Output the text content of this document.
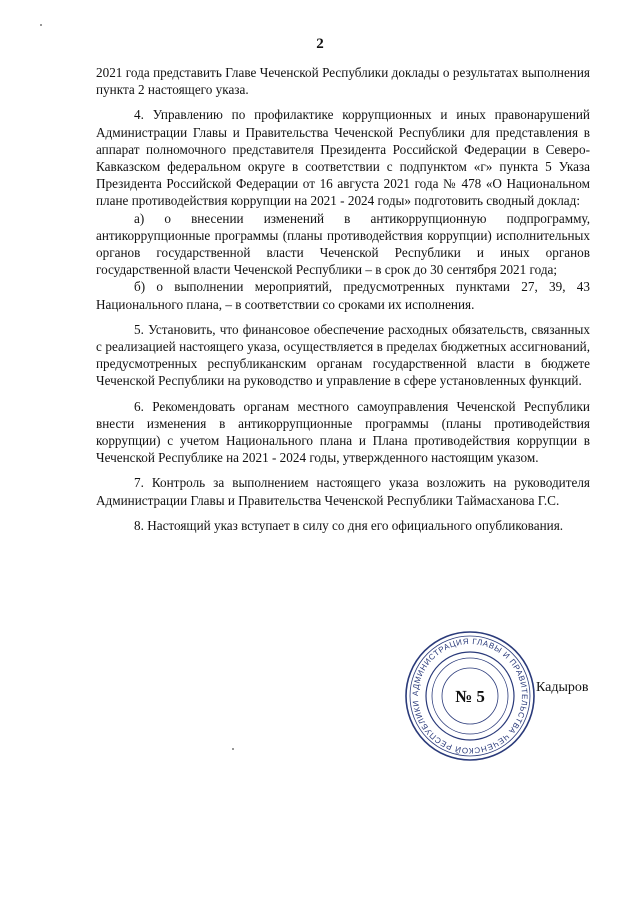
2

2021 года представить Главе Чеченской Республики доклады о результатах выполнения пункта 2 настоящего указа.

4. Управлению по профилактике коррупционных и иных правонарушений Администрации Главы и Правительства Чеченской Республики для представления в аппарат полномочного представителя Президента Российской Федерации в Северо-Кавказском федеральном округе в соответствии с подпунктом «г» пункта 5 Указа Президента Российской Федерации от 16 августа 2021 года № 478 «О Национальном плане противодействия коррупции на 2021 - 2024 годы» подготовить сводный доклад:

а) о внесении изменений в антикоррупционную подпрограмму, антикоррупционные программы (планы противодействия коррупции) исполнительных органов государственной власти Чеченской Республики и иных органов государственной власти Чеченской Республики – в срок до 30 сентября 2021 года;

б) о выполнении мероприятий, предусмотренных пунктами 27, 39, 43 Национального плана, – в соответствии со сроками их исполнения.

5. Установить, что финансовое обеспечение расходных обязательств, связанных с реализацией настоящего указа, осуществляется в пределах бюджетных ассигнований, предусмотренных республиканским органам государственной власти в бюджете Чеченской Республики на руководство и управление в сфере установленных функций.

6. Рекомендовать органам местного самоуправления Чеченской Республики внести изменения в антикоррупционные программы (планы противодействия коррупции) с учетом Национального плана и Плана противодействия коррупции в Чеченской Республике на 2021 - 2024 годы, утвержденного настоящим указом.

7. Контроль за выполнением настоящего указа возложить на руководителя Администрации Главы и Правительства Чеченской Республики Таймасханова Г.С.

8. Настоящий указ вступает в силу со дня его официального опубликования.

АДМИНИСТРАЦИЯ ГЛАВЫ И ПРАВИТЕЛЬСТВА ЧЕЧЕНСКОЙ РЕСПУБЛИКИ	№ 5	Кадыров
